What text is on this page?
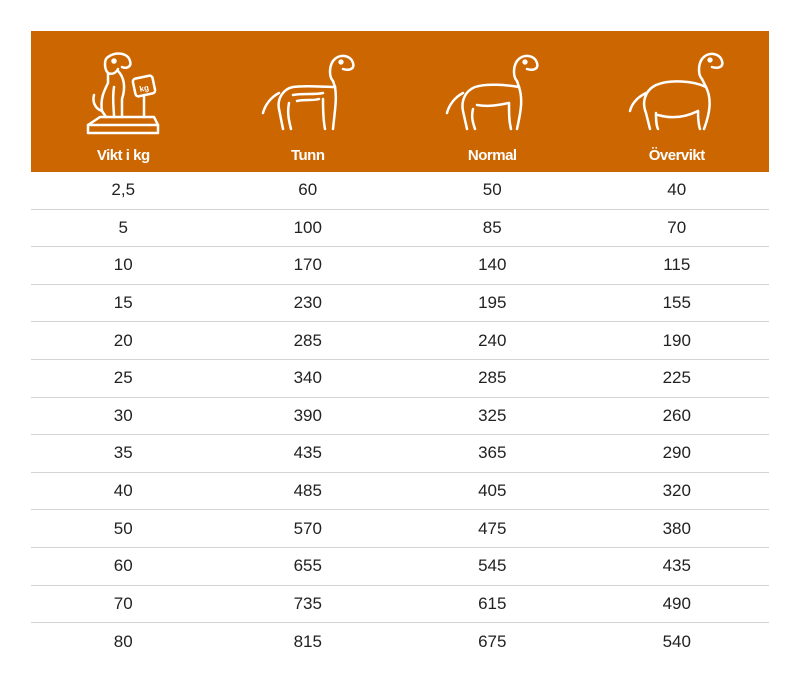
kg
Vikt i kg	Tunn	Normal	Övervikt
2,5	60	50	40
5	100	85	70
10	170	140	115
15	230	195	155
20	285	240	190
25	340	285	225
30	390	325	260
35	435	365	290
40	485	405	320
50	570	475	380
60	655	545	435
70	735	615	490
80	815	675	540
